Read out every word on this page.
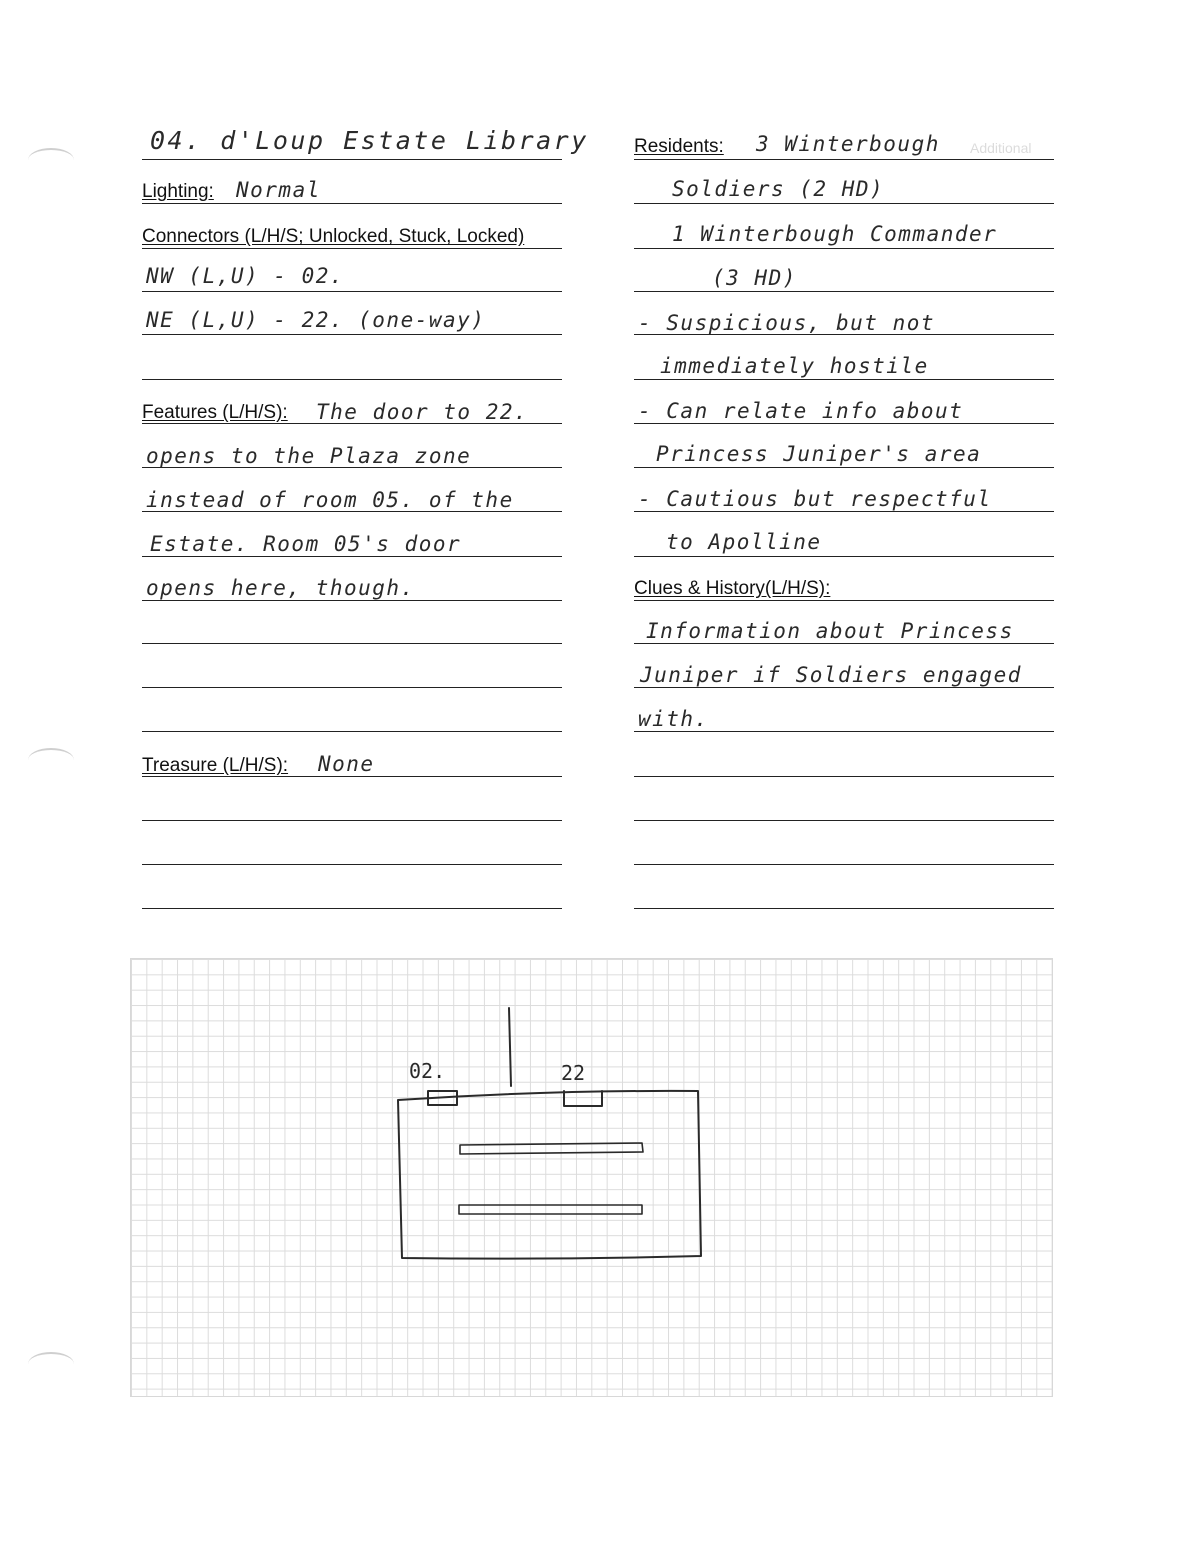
04. d'Loup Estate Library
Lighting: Normal
Connectors (L/H/S; Unlocked, Stuck, Locked)
NW (L,U) - 02.
NE (L,U) - 22. (one-way)
Features (L/H/S): The door to 22.
opens to the Plaza zone
instead of room 05. of the
Estate. Room 05's door
opens here, though.
Treasure (L/H/S): None
Residents: 3 Winterbough Additional
Soldiers (2 HD)
1 Winterbough Commander
(3 HD)
- Suspicious, but not
immediately hostile
- Can relate info about
Princess Juniper's area
- Cautious but respectful
to Apolline
Clues & History(L/H/S):
Information about Princess
Juniper if Soldiers engaged
with.
02.	22
